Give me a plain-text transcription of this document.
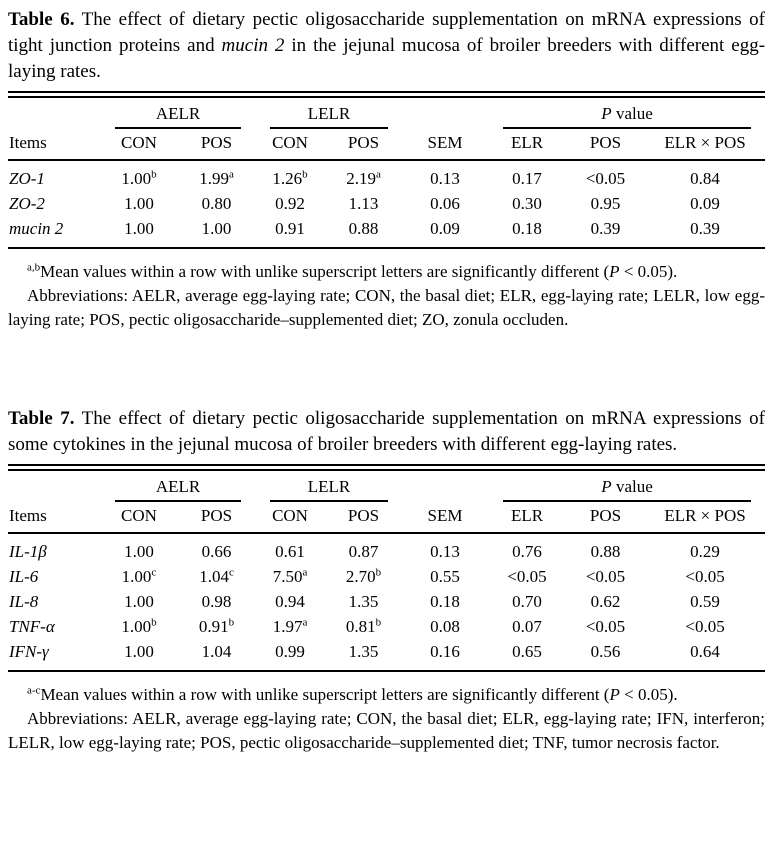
Table 6. The effect of dietary pectic oligosaccharide supplementation on mRNA expressions of tight junction proteins and mucin 2 in the jejunal mucosa of broiler breeders with different egg-laying rates.

	AELR		LELR			P value		

Items	CON	POS	CON	POS	SEM	ELR	POS	ELR × POS
ZO-1	1.00$^b$	1.99$^a$	1.26$^b$	2.19$^a$	0.13	0.17	<0.05	0.84
ZO-2	1.00	0.80	0.92	1.13	0.06	0.30	0.95	0.09
mucin 2	1.00	1.00	0.91	0.88	0.09	0.18	0.39	0.39

$^{a,b}$Mean values within a row with unlike superscript letters are significantly different (P < 0.05).

Abbreviations: AELR, average egg-laying rate; CON, the basal diet; ELR, egg-laying rate; LELR, low egg-laying rate; POS, pectic oligosaccharide–supplemented diet; ZO, zonula occluden.

Table 7. The effect of dietary pectic oligosaccharide supplementation on mRNA expressions of some cytokines in the jejunal mucosa of broiler breeders with different egg-laying rates.

	AELR		LELR			P value		

Items	CON	POS	CON	POS	SEM	ELR	POS	ELR × POS
IL-1β	1.00	0.66	0.61	0.87	0.13	0.76	0.88	0.29
IL-6	1.00$^c$	1.04$^c$	7.50$^a$	2.70$^b$	0.55	<0.05	<0.05	<0.05
IL-8	1.00	0.98	0.94	1.35	0.18	0.70	0.62	0.59
TNF-α	1.00$^b$	0.91$^b$	1.97$^a$	0.81$^b$	0.08	0.07	<0.05	<0.05
IFN-γ	1.00	1.04	0.99	1.35	0.16	0.65	0.56	0.64

$^{a-c}$Mean values within a row with unlike superscript letters are significantly different (P < 0.05).

Abbreviations: AELR, average egg-laying rate; CON, the basal diet; ELR, egg-laying rate; IFN, interferon; LELR, low egg-laying rate; POS, pectic oligosaccharide–supplemented diet; TNF, tumor necrosis factor.
